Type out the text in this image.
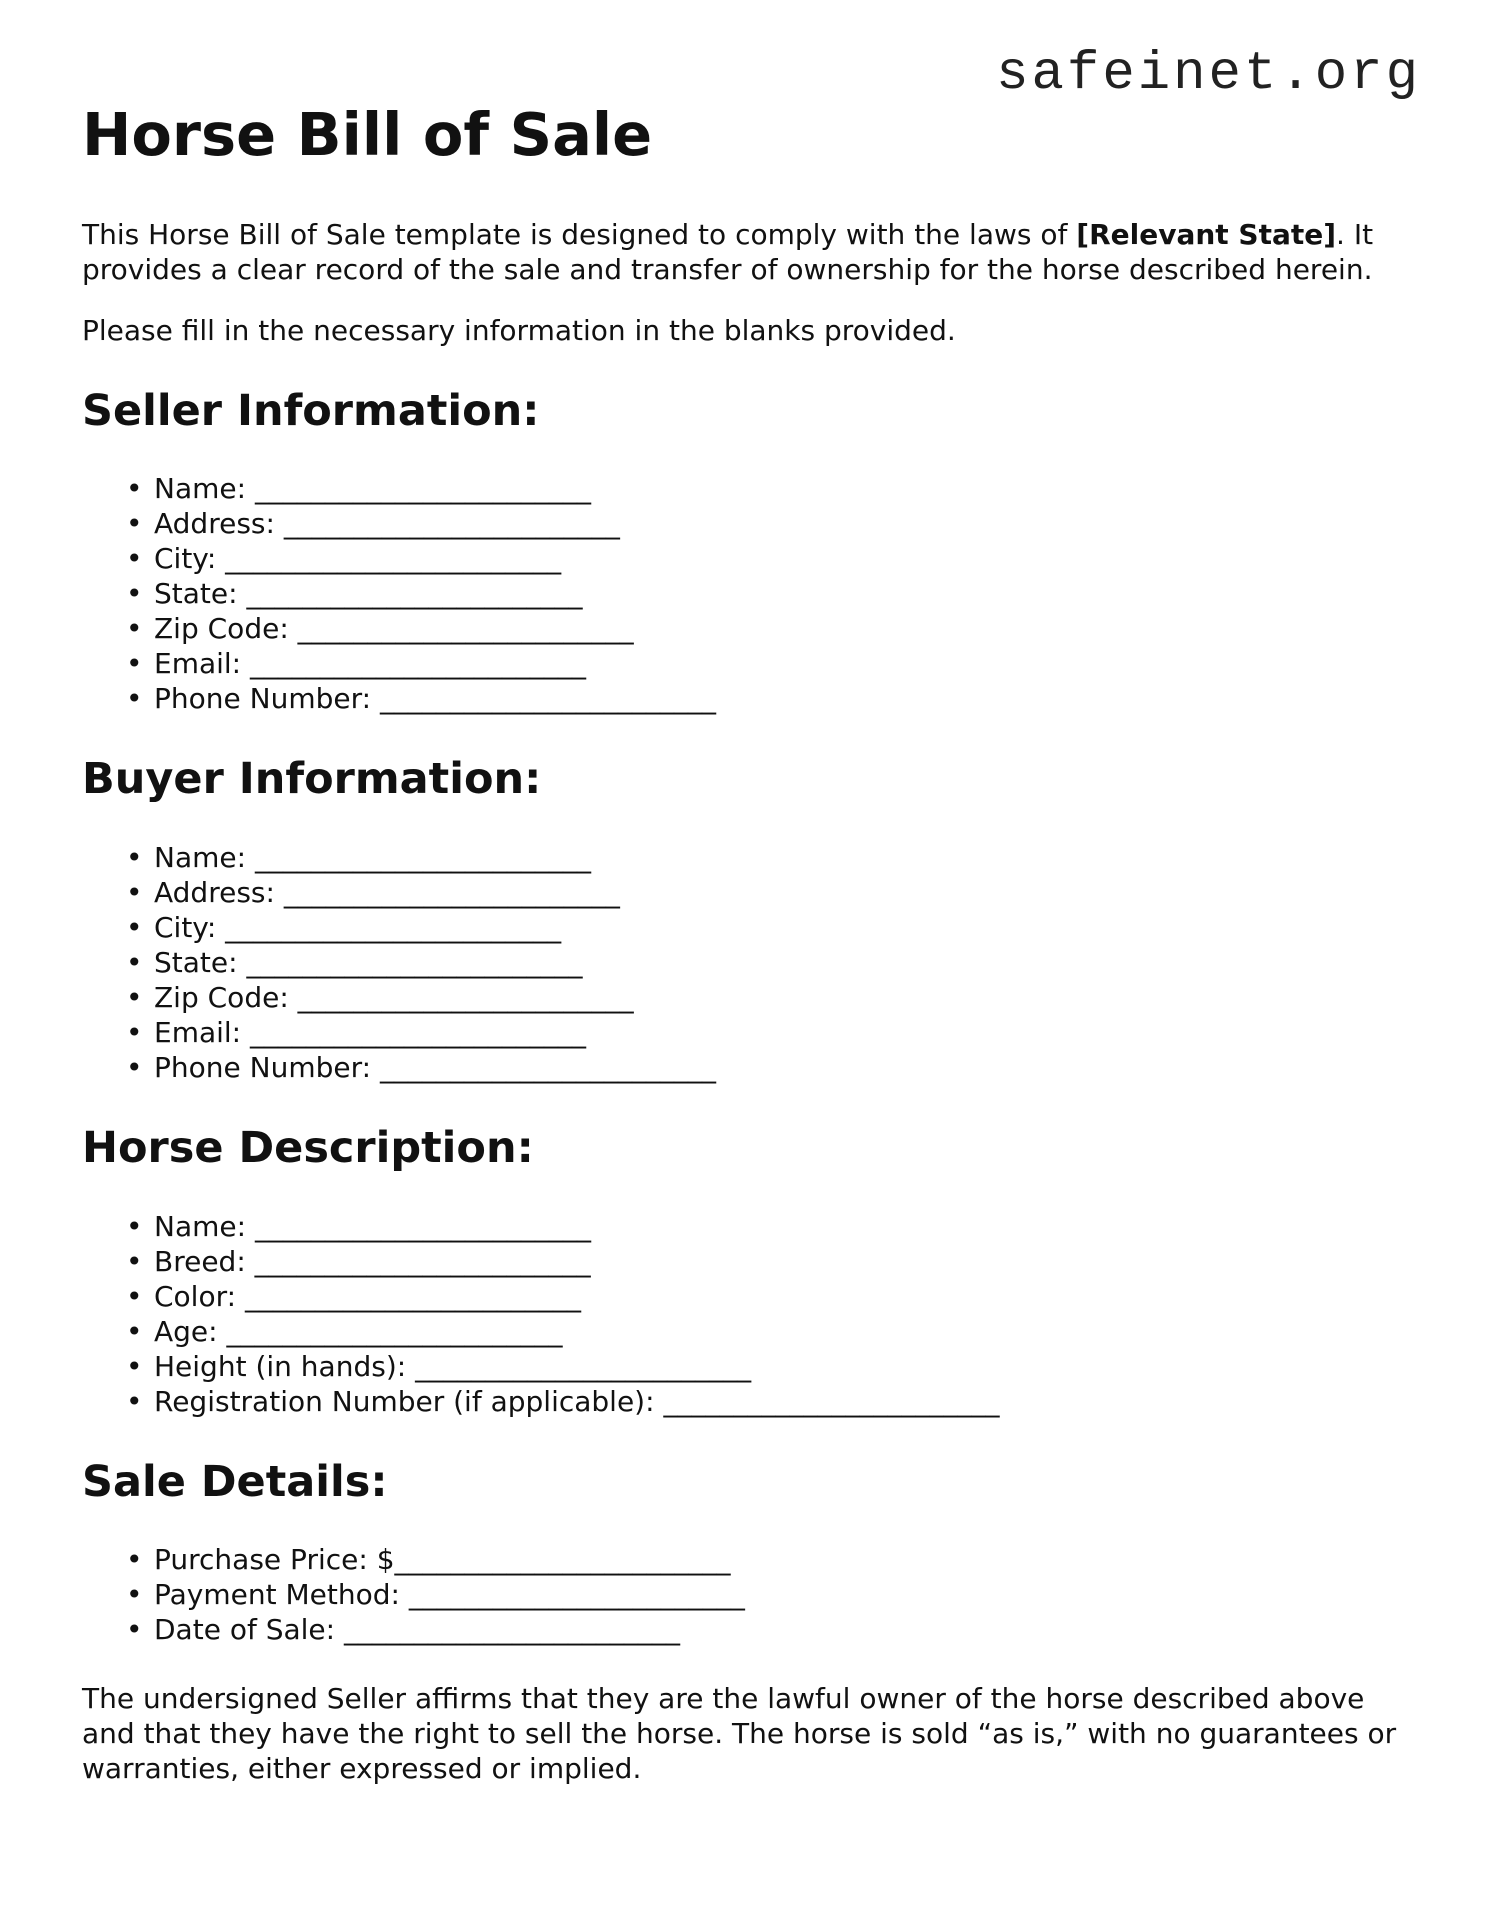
safeinet.org
Horse Bill of Sale

This Horse Bill of Sale template is designed to comply with the laws of [Relevant State]. It provides a clear record of the sale and transfer of ownership for the horse described herein.

Please fill in the necessary information in the blanks provided.

Seller Information:
• Name: ________________________
• Address: ________________________
• City: ________________________
• State: ________________________
• Zip Code: ________________________
• Email: ________________________
• Phone Number: ________________________
Buyer Information:
• Name: ________________________
• Address: ________________________
• City: ________________________
• State: ________________________
• Zip Code: ________________________
• Email: ________________________
• Phone Number: ________________________
Horse Description:
• Name: ________________________
• Breed: ________________________
• Color: ________________________
• Age: ________________________
• Height (in hands): ________________________
• Registration Number (if applicable): ________________________
Sale Details:
• Purchase Price: $________________________
• Payment Method: ________________________
• Date of Sale: ________________________

The undersigned Seller affirms that they are the lawful owner of the horse described above and that they have the right to sell the horse. The horse is sold “as is,” with no guarantees or warranties, either expressed or implied.
